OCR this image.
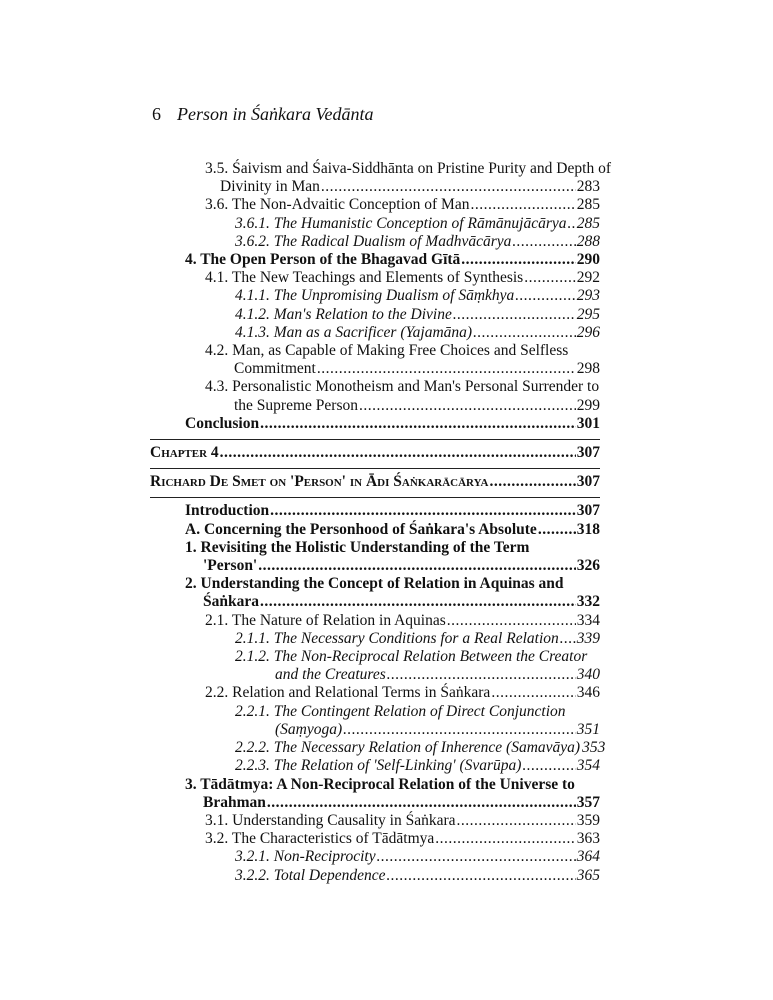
6 Person in Śaṅkara Vedānta
3.5. Śaivism and Śaiva-Siddhānta on Pristine Purity and Depth of
Divinity in Man .....	283
3.6. The Non-Advaitic Conception of Man .....	285
3.6.1. The Humanistic Conception of Rāmānujācārya ..... 285
3.6.2. The Radical Dualism of Madhvācārya .....	288
4. The Open Person of the Bhagavad Gītā .....	290
4.1. The New Teachings and Elements of Synthesis .....	292
4.1.1. The Unpromising Dualism of Sāṃkhya .....	293
4.1.2. Man's Relation to the Divine .....	295
4.1.3. Man as a Sacrificer (Yajamāna) .....	296
4.2. Man, as Capable of Making Free Choices and Selfless
Commitment .....	298
4.3. Personalistic Monotheism and Man's Personal Surrender to
the Supreme Person .....	299
Conclusion .....	301
Chapter 4 .....	307
Richard De Smet on 'Person' in Ādi Śaṅkarācārya .....	307
Introduction .....	307
A. Concerning the Personhood of Śaṅkara's Absolute .....	318
1. Revisiting the Holistic Understanding of the Term
'Person' .....	326
2. Understanding the Concept of Relation in Aquinas and
Śaṅkara .....	332
2.1. The Nature of Relation in Aquinas .....	334
2.1.1. The Necessary Conditions for a Real Relation ..... 339
2.1.2. The Non-Reciprocal Relation Between the Creator
and the Creatures .....	340
2.2. Relation and Relational Terms in Śaṅkara .....	346
2.2.1. The Contingent Relation of Direct Conjunction
(Saṃyoga) .....	351
2.2.2. The Necessary Relation of Inherence (Samavāya) 353
2.2.3. The Relation of 'Self-Linking' (Svarūpa) .....	354
3. Tādātmya: A Non-Reciprocal Relation of the Universe to
Brahman .....	357
3.1. Understanding Causality in Śaṅkara .....	359
3.2. The Characteristics of Tādātmya .....	363
3.2.1. Non-Reciprocity .....	364
3.2.2. Total Dependence .....	365
